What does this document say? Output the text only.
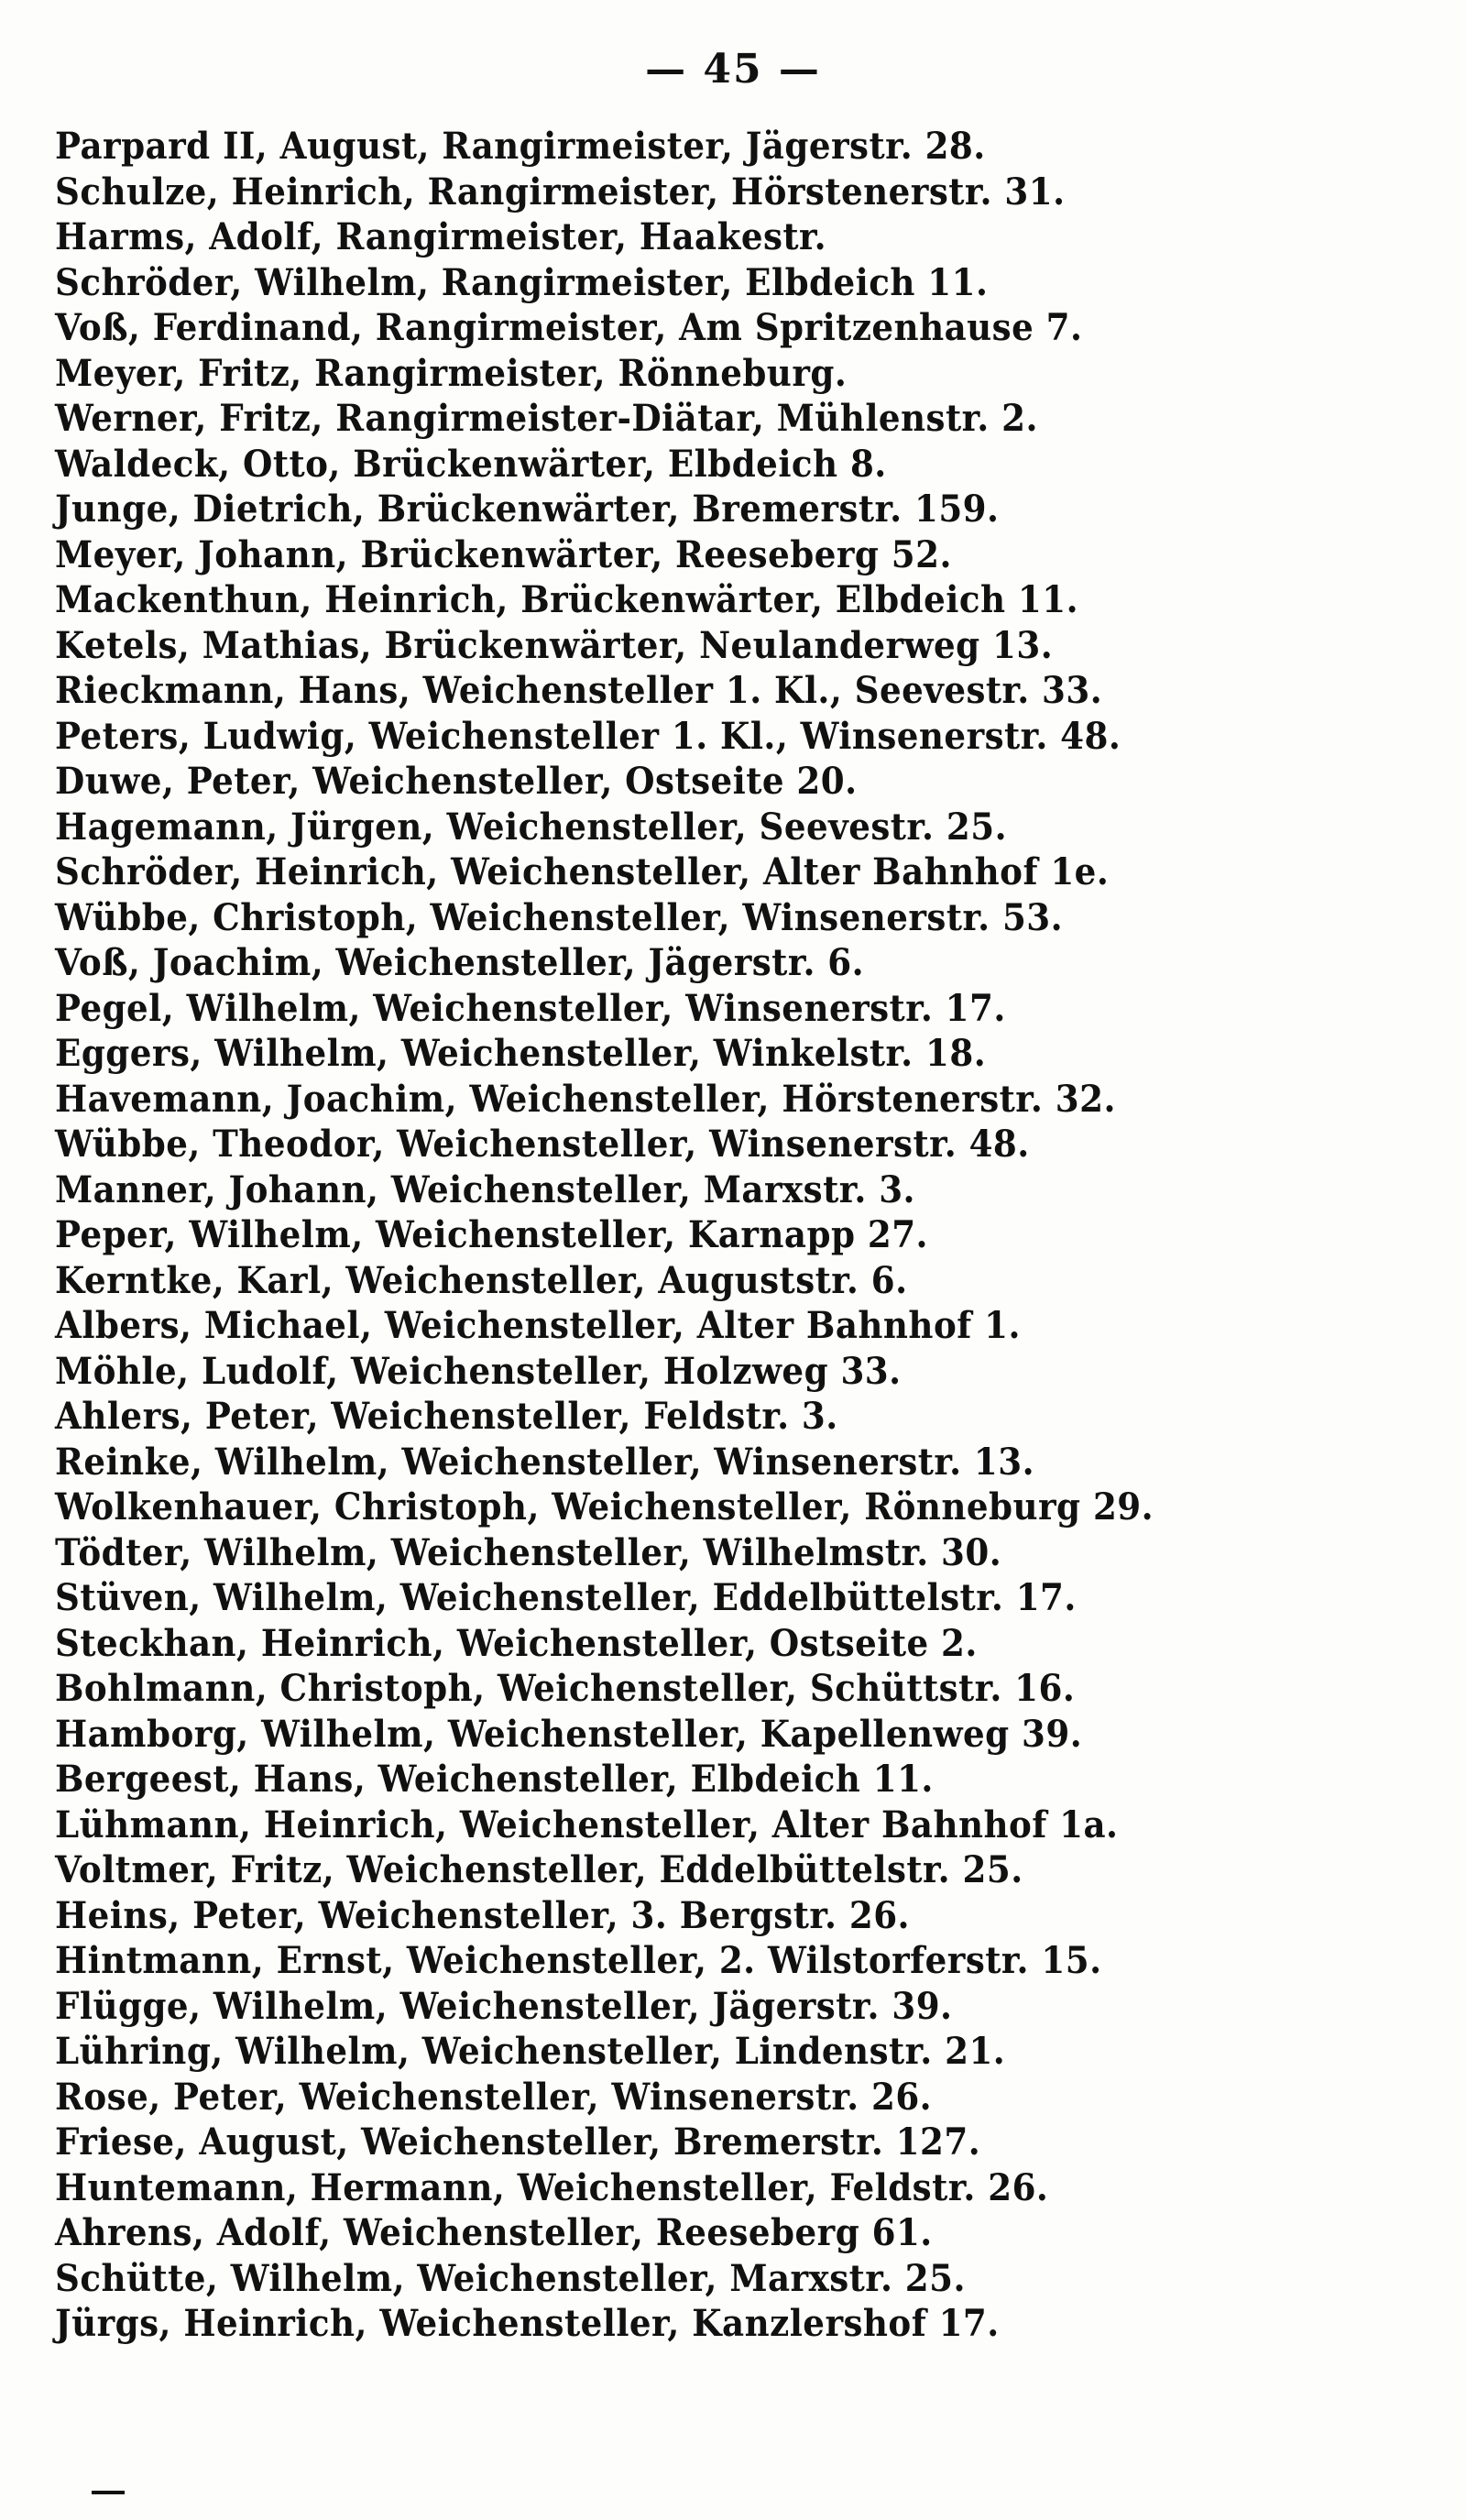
— 45 —
Parpard II, August, Rangirmeister, Jägerstr. 28.
Schulze, Heinrich, Rangirmeister, Hörstenerstr. 31.
Harms, Adolf, Rangirmeister, Haakestr.
Schröder, Wilhelm, Rangirmeister, Elbdeich 11.
Voß, Ferdinand, Rangirmeister, Am Spritzenhause 7.
Meyer, Fritz, Rangirmeister, Rönneburg.
Werner, Fritz, Rangirmeister-Diätar, Mühlenstr. 2.
Waldeck, Otto, Brückenwärter, Elbdeich 8.
Junge, Dietrich, Brückenwärter, Bremerstr. 159.
Meyer, Johann, Brückenwärter, Reeseberg 52.
Mackenthun, Heinrich, Brückenwärter, Elbdeich 11.
Ketels, Mathias, Brückenwärter, Neulanderweg 13.
Rieckmann, Hans, Weichensteller 1. Kl., Seevestr. 33.
Peters, Ludwig, Weichensteller 1. Kl., Winsenerstr. 48.
Duwe, Peter, Weichensteller, Ostseite 20.
Hagemann, Jürgen, Weichensteller, Seevestr. 25.
Schröder, Heinrich, Weichensteller, Alter Bahnhof 1e.
Wübbe, Christoph, Weichensteller, Winsenerstr. 53.
Voß, Joachim, Weichensteller, Jägerstr. 6.
Pegel, Wilhelm, Weichensteller, Winsenerstr. 17.
Eggers, Wilhelm, Weichensteller, Winkelstr. 18.
Havemann, Joachim, Weichensteller, Hörstenerstr. 32.
Wübbe, Theodor, Weichensteller, Winsenerstr. 48.
Manner, Johann, Weichensteller, Marxstr. 3.
Peper, Wilhelm, Weichensteller, Karnapp 27.
Kerntke, Karl, Weichensteller, Auguststr. 6.
Albers, Michael, Weichensteller, Alter Bahnhof 1.
Möhle, Ludolf, Weichensteller, Holzweg 33.
Ahlers, Peter, Weichensteller, Feldstr. 3.
Reinke, Wilhelm, Weichensteller, Winsenerstr. 13.
Wolkenhauer, Christoph, Weichensteller, Rönneburg 29.
Tödter, Wilhelm, Weichensteller, Wilhelmstr. 30.
Stüven, Wilhelm, Weichensteller, Eddelbüttelstr. 17.
Steckhan, Heinrich, Weichensteller, Ostseite 2.
Bohlmann, Christoph, Weichensteller, Schüttstr. 16.
Hamborg, Wilhelm, Weichensteller, Kapellenweg 39.
Bergeest, Hans, Weichensteller, Elbdeich 11.
Lühmann, Heinrich, Weichensteller, Alter Bahnhof 1a.
Voltmer, Fritz, Weichensteller, Eddelbüttelstr. 25.
Heins, Peter, Weichensteller, 3. Bergstr. 26.
Hintmann, Ernst, Weichensteller, 2. Wilstorferstr. 15.
Flügge, Wilhelm, Weichensteller, Jägerstr. 39.
Lühring, Wilhelm, Weichensteller, Lindenstr. 21.
Rose, Peter, Weichensteller, Winsenerstr. 26.
Friese, August, Weichensteller, Bremerstr. 127.
Huntemann, Hermann, Weichensteller, Feldstr. 26.
Ahrens, Adolf, Weichensteller, Reeseberg 61.
Schütte, Wilhelm, Weichensteller, Marxstr. 25.
Jürgs, Heinrich, Weichensteller, Kanzlershof 17.
